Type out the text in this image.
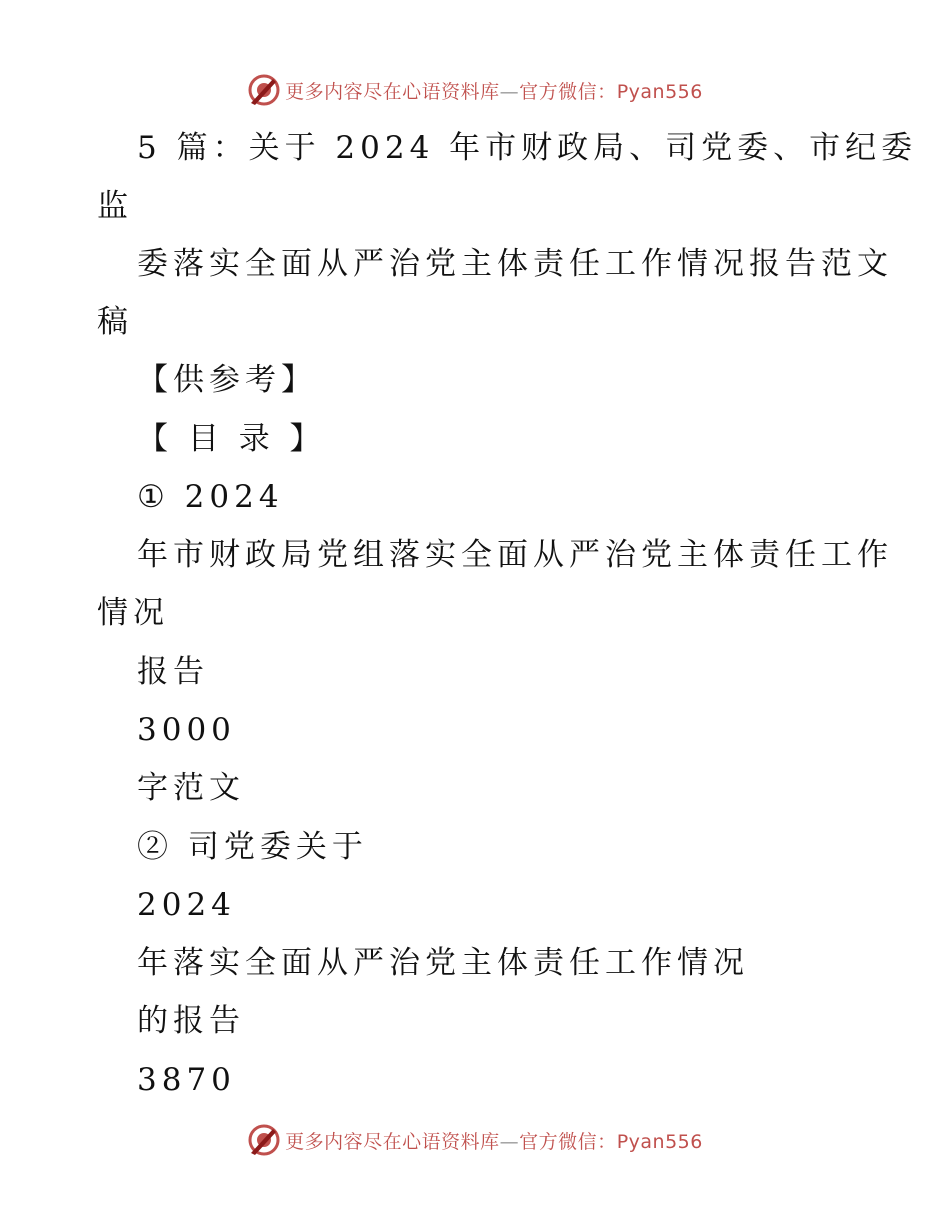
更多内容尽在心语资料库—官方微信：Pyan556
5 篇：关于 2024 年市财政局、司党委、市纪委
监
委落实全面从严治党主体责任工作情况报告范文
稿
【供参考】
【 目 录 】
① 2024
年市财政局党组落实全面从严治党主体责任工作
情况
报告
3000
字范文
② 司党委关于
2024
年落实全面从严治党主体责任工作情况
的报告
3870
更多内容尽在心语资料库—官方微信：Pyan556
